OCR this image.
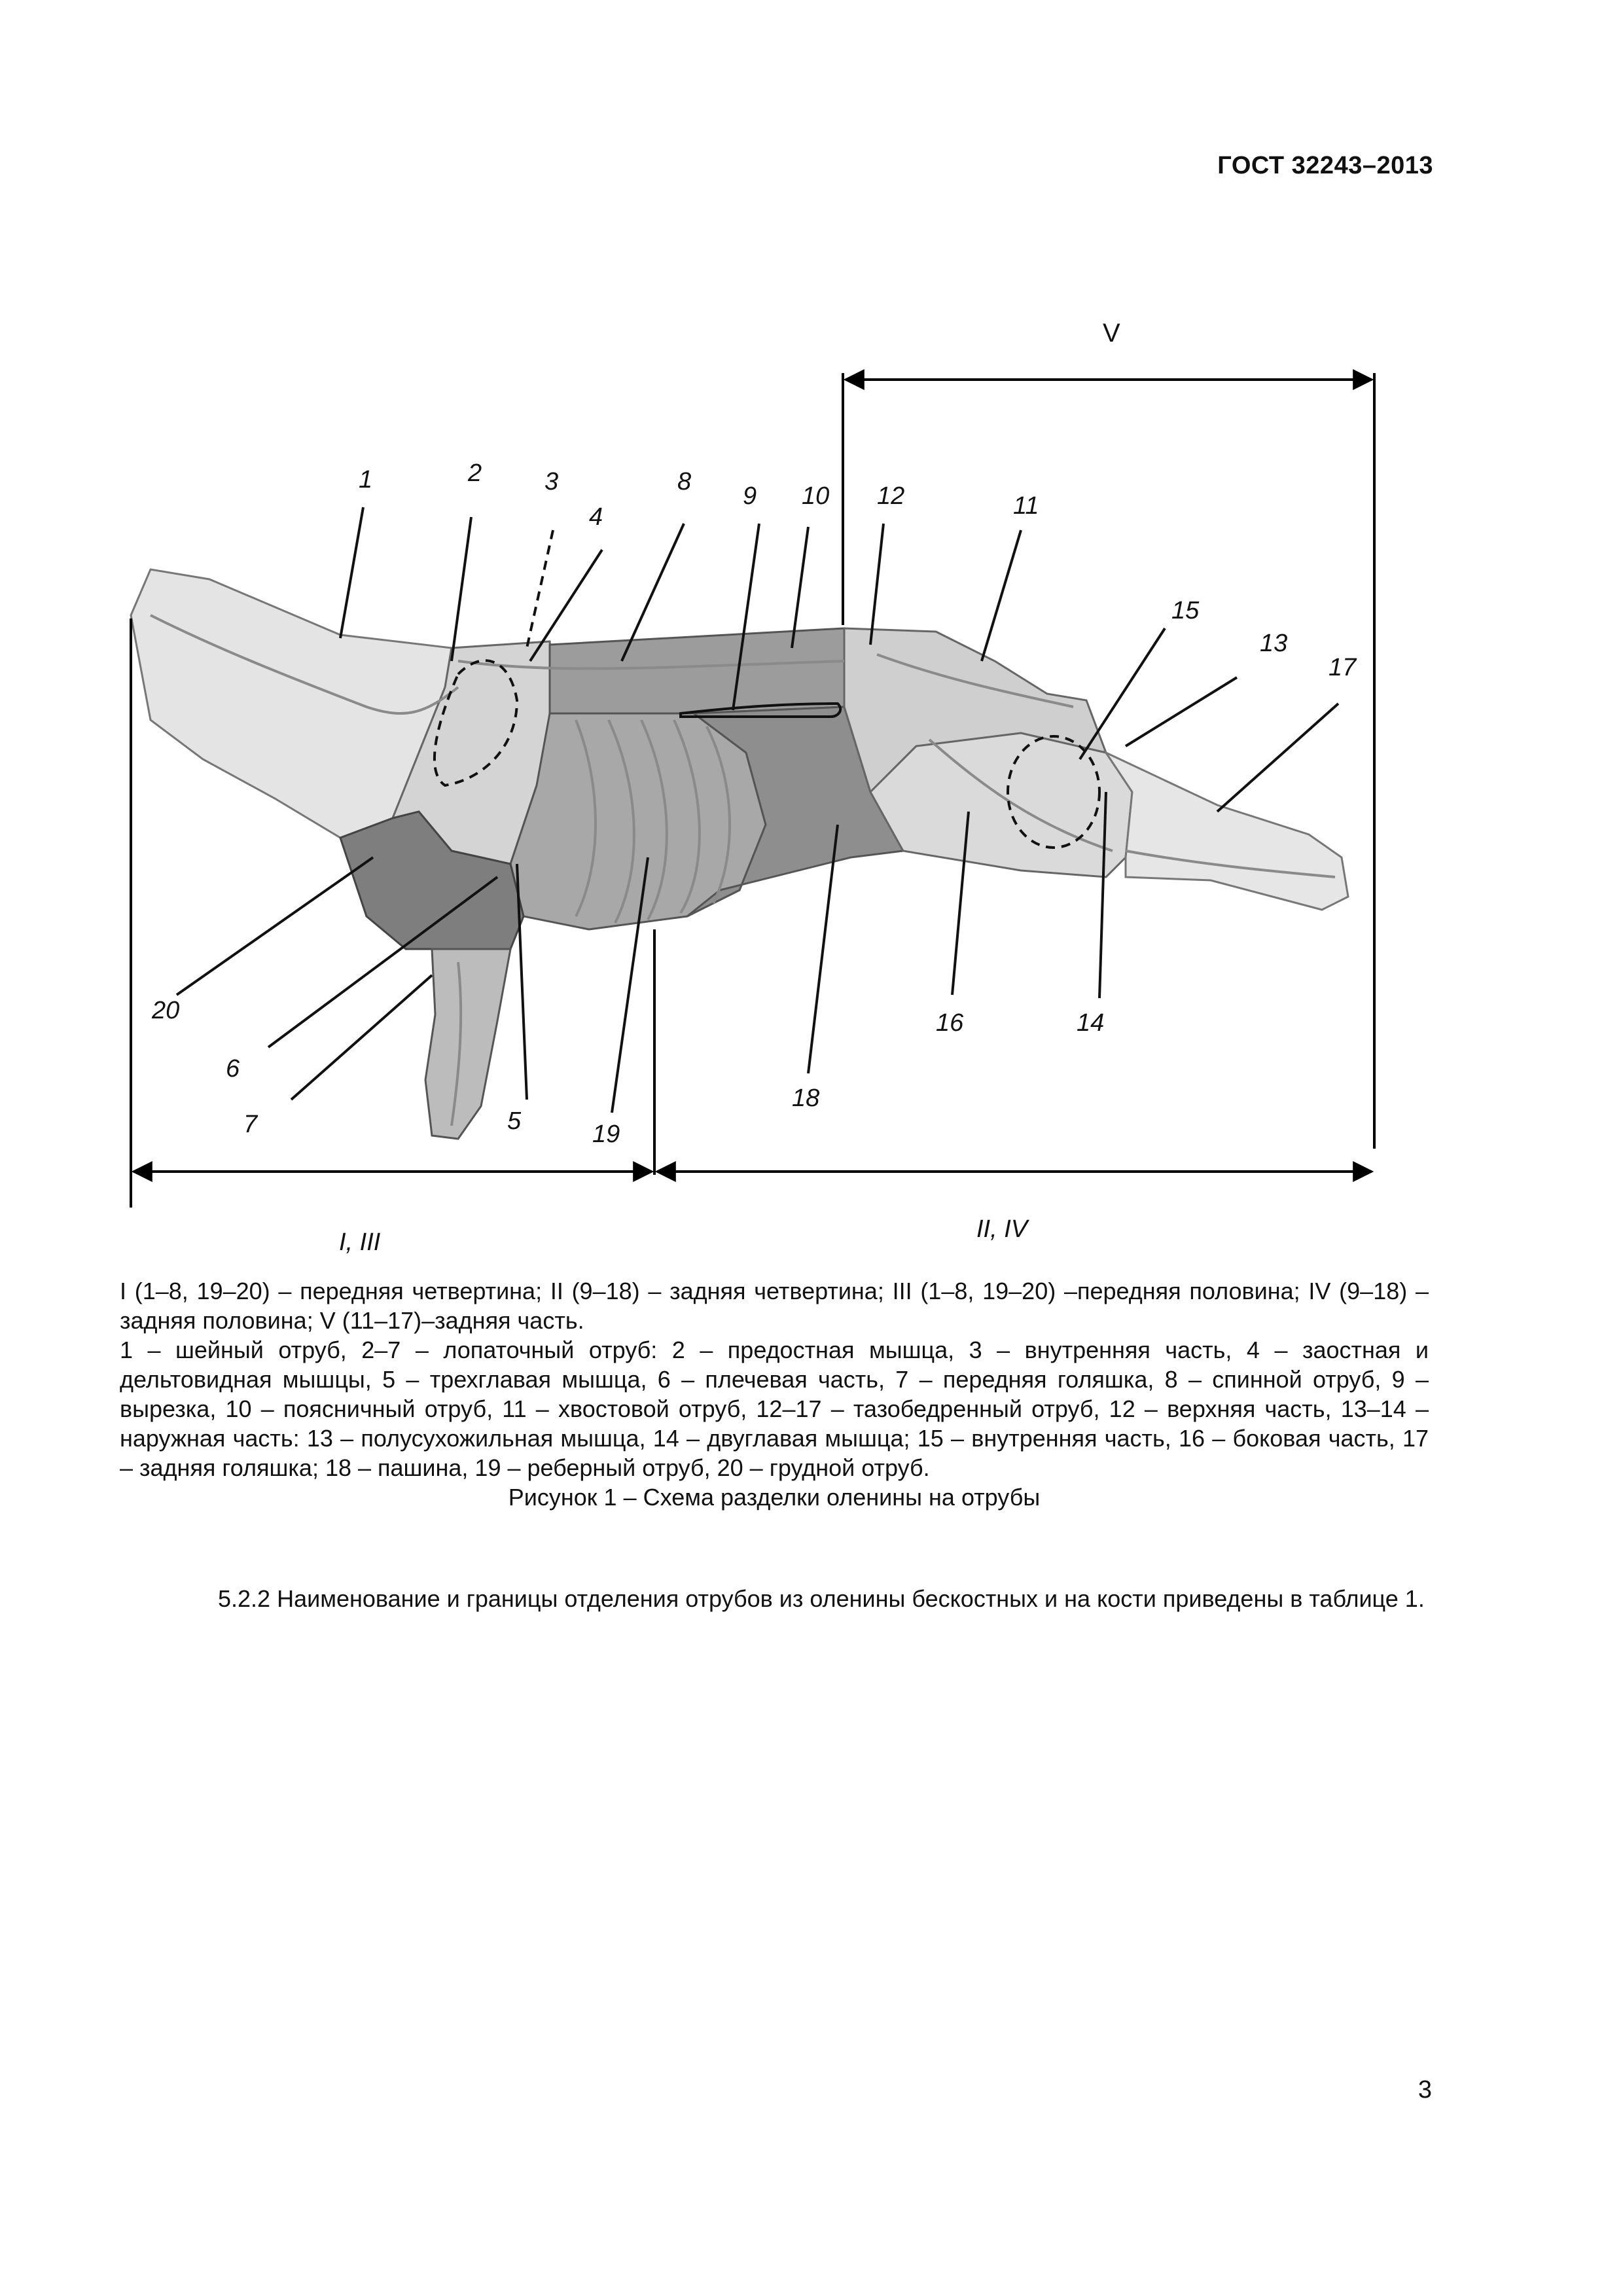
ГОСТ 32243–2013
1	2	3
4
8
9 10 12	11
15
13
17
20
6
7	5	19
18
16	14
V
I, III	II, IV

I (1–8, 19–20) – передняя четвертина; II (9–18) – задняя четвертина; III (1–8, 19–20) –передняя половина; IV (9–18) – задняя половина; V (11–17)–задняя часть.

1 – шейный отруб, 2–7 – лопаточный отруб: 2 – предостная мышца, 3 – внутренняя часть, 4 – заостная и дельтовидная мышцы, 5 – трехглавая мышца, 6 – плечевая часть, 7 – передняя голяшка, 8 – спинной отруб, 9 – вырезка, 10 – поясничный отруб, 11 – хвостовой отруб, 12–17 – тазобедренный отруб, 12 – верхняя часть, 13–14 – наружная часть: 13 – полусухожильная мышца, 14 – двуглавая мышца; 15 – внутренняя часть, 16 – боковая часть, 17 – задняя голяшка; 18 – пашина, 19 – реберный отруб, 20 – грудной отруб.

Рисунок 1 – Схема разделки оленины на отрубы

5.2.2 Наименование и границы отделения отрубов из оленины бескостных и на кости приведены в таблице 1.
3
